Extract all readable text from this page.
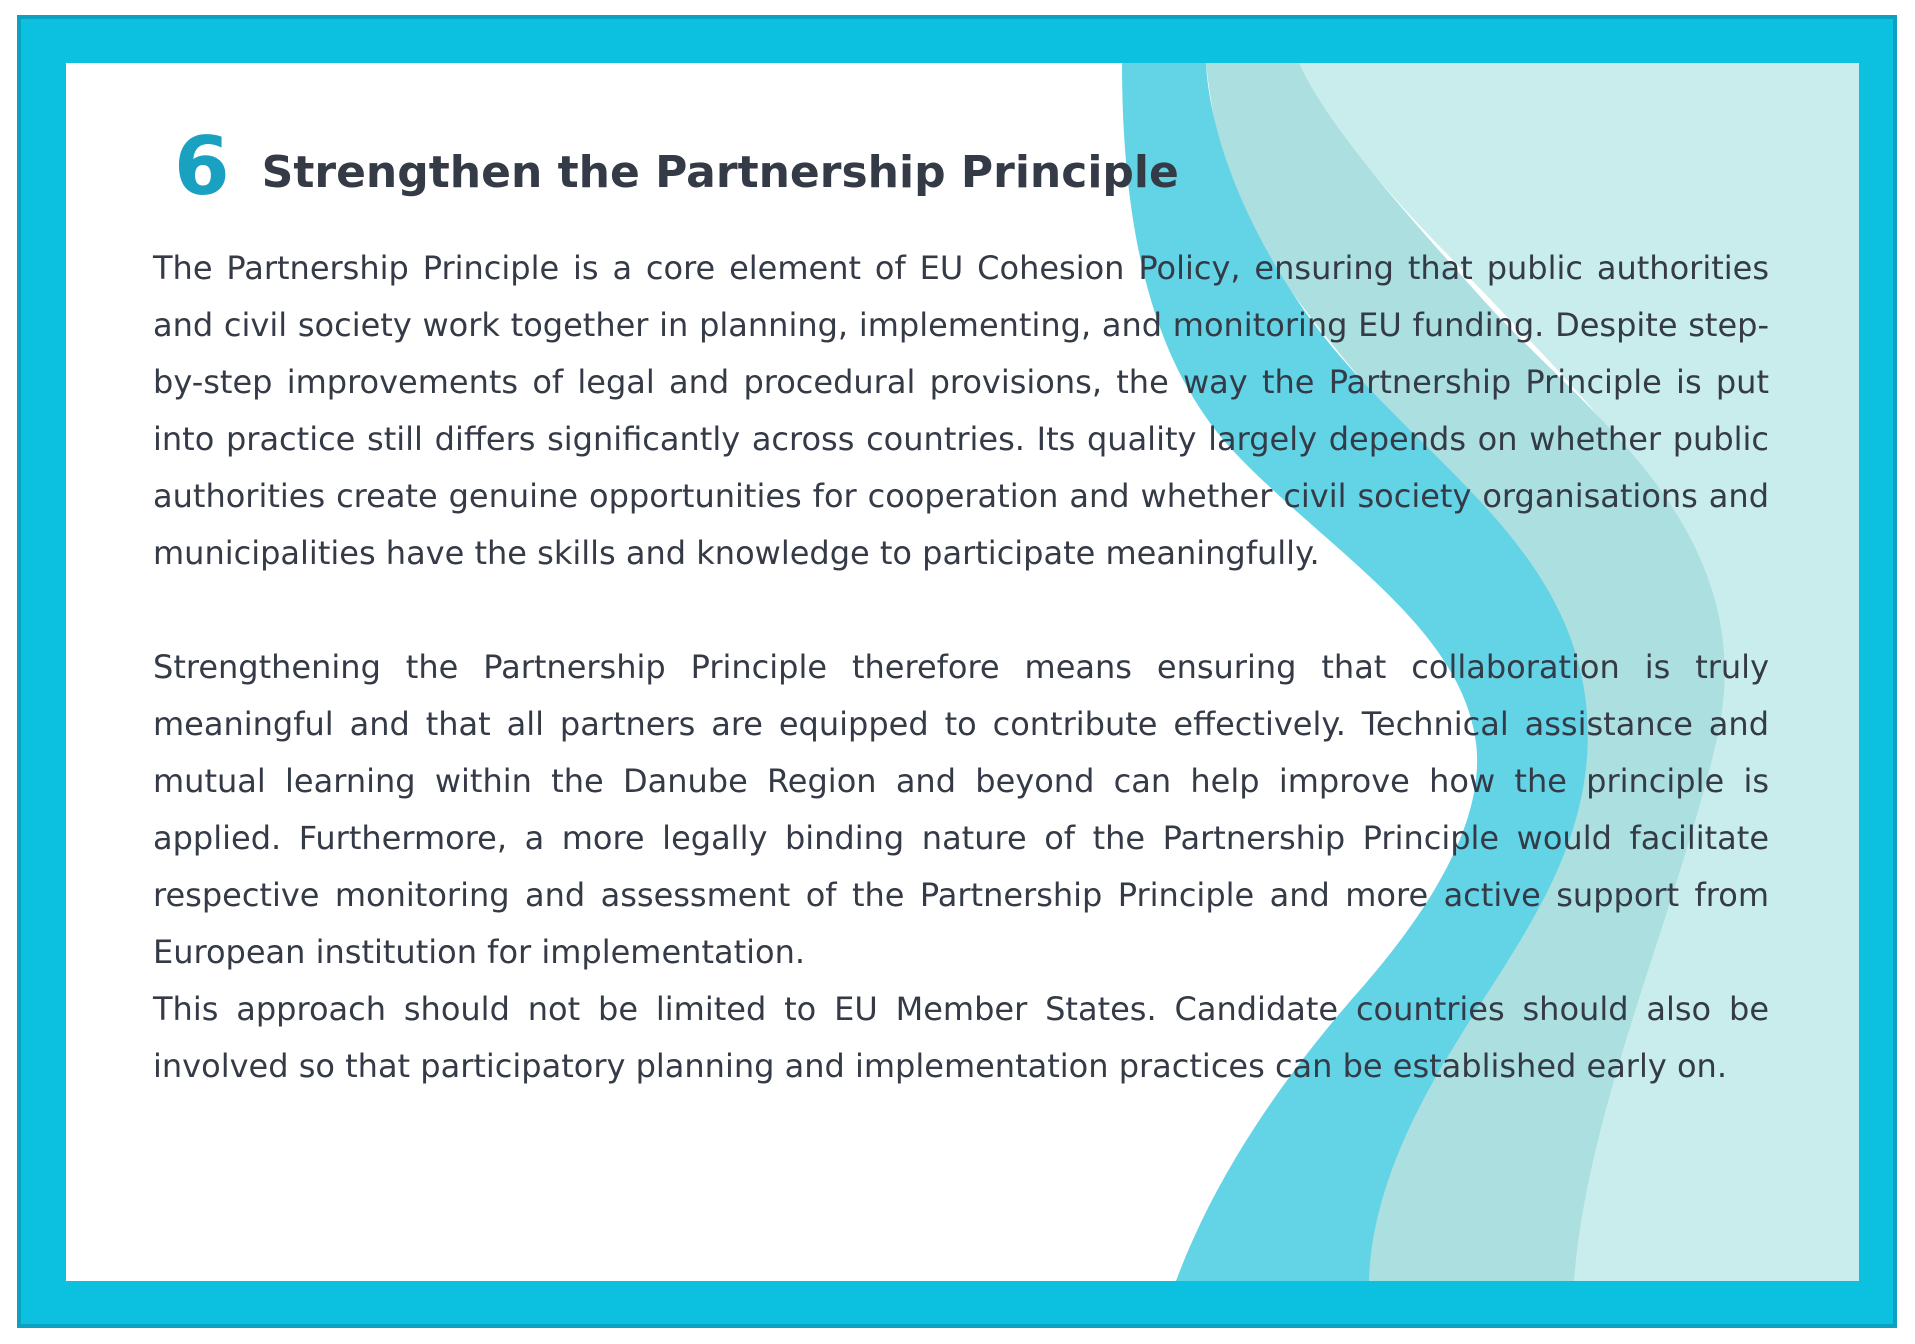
6 Strengthen the Partnership Principle

The Partnership Principle is a core element of EU Cohesion Policy, ensuring that public authorities and civil society work together in planning, implementing, and monitoring EU funding. Despite step-by-step improvements of legal and procedural provisions, the way the Partnership Principle is put into practice still differs significantly across countries. Its quality largely depends on whether public authorities create genuine opportunities for cooperation and whether civil society organisations and municipalities have the skills and knowledge to participate meaningfully.

Strengthening the Partnership Principle therefore means ensuring that collaboration is truly meaningful and that all partners are equipped to contribute effectively. Technical assistance and mutual learning within the Danube Region and beyond can help improve how the principle is applied. Furthermore, a more legally binding nature of the Partnership Principle would facilitate respective monitoring and assessment of the Partnership Principle and more active support from European institution for implementation.

This approach should not be limited to EU Member States. Candidate countries should also be involved so that participatory planning and implementation practices can be established early on.
